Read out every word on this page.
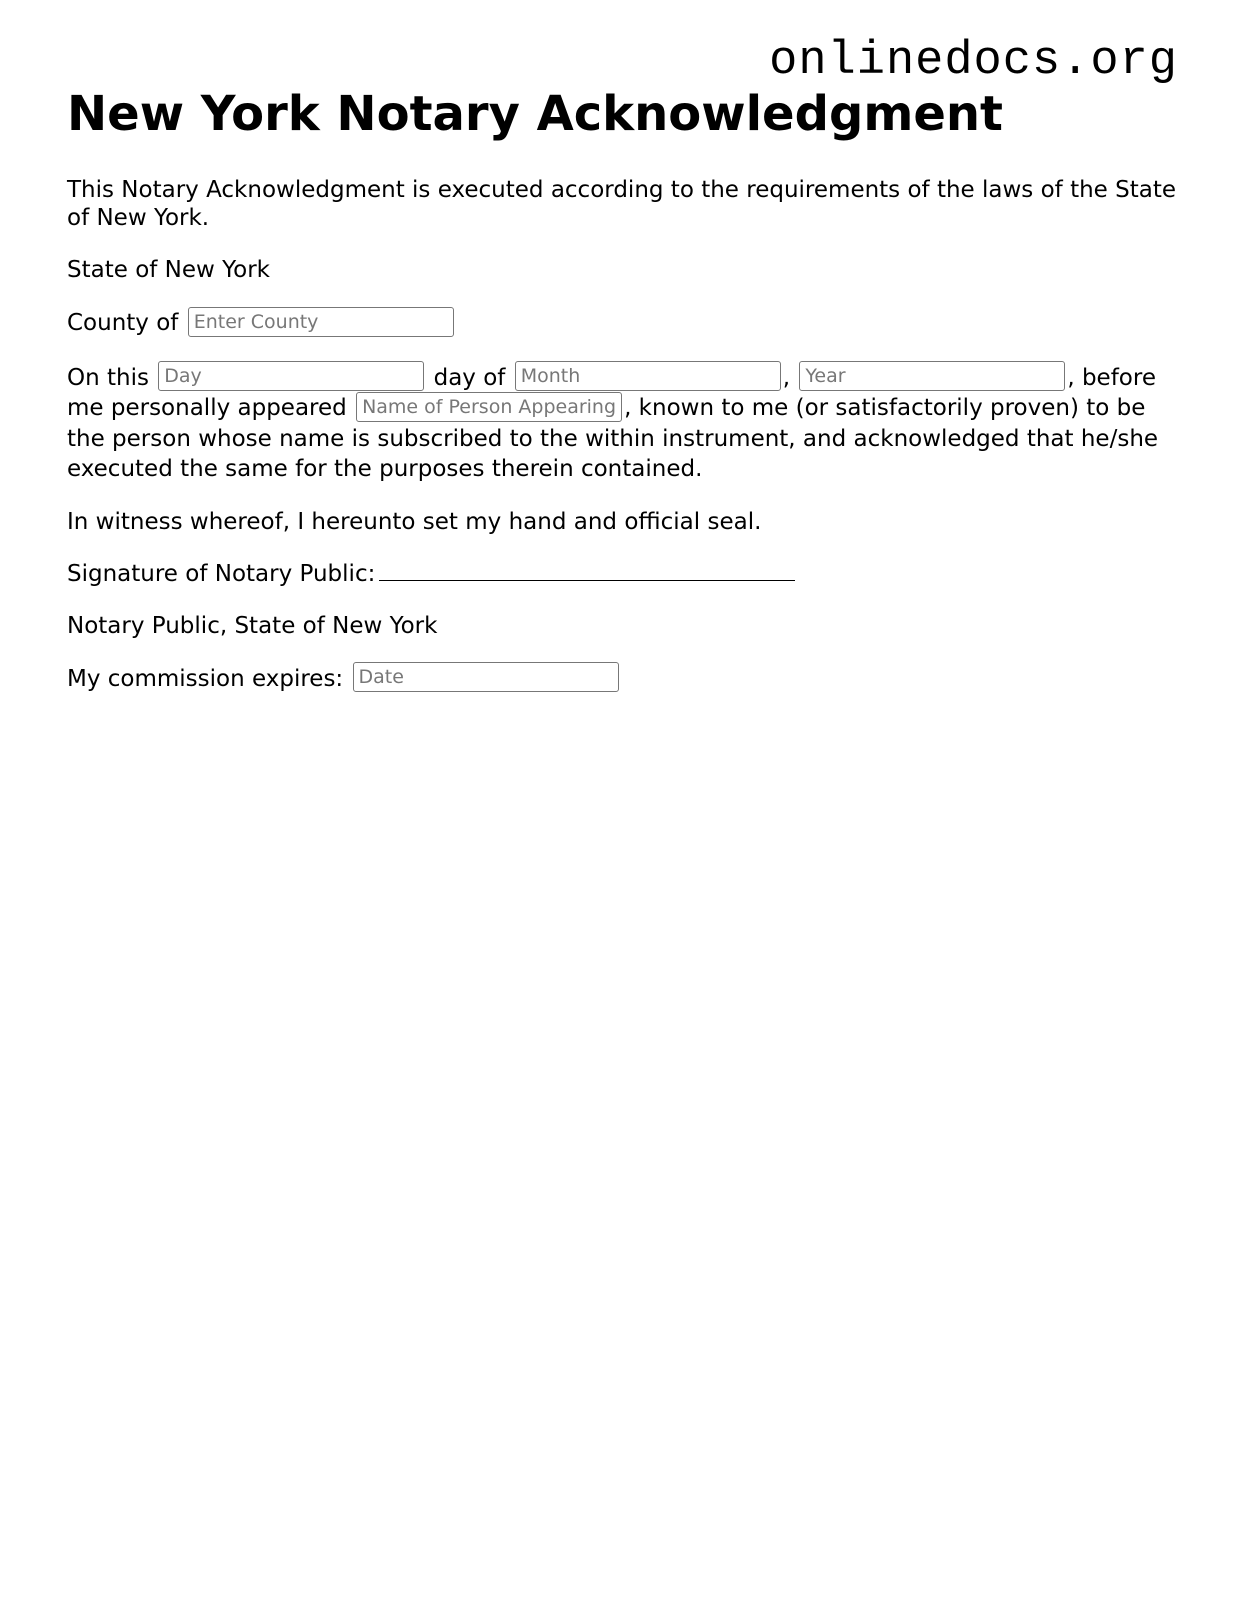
onlinedocs.org
New York Notary Acknowledgment

This Notary Acknowledgment is executed according to the requirements of the laws of the State of New York.

State of New York

County of Enter County

On this Day	day of Month	, Year	, before me personally appeared Name of Person Appearing	, known to me (or satisfactorily proven) to be the person whose name is subscribed to the within instrument, and acknowledged that he/she executed the same for the purposes therein contained.

In witness whereof, I hereunto set my hand and official seal.

Signature of Notary Public:

Notary Public, State of New York

My commission expires: Date
